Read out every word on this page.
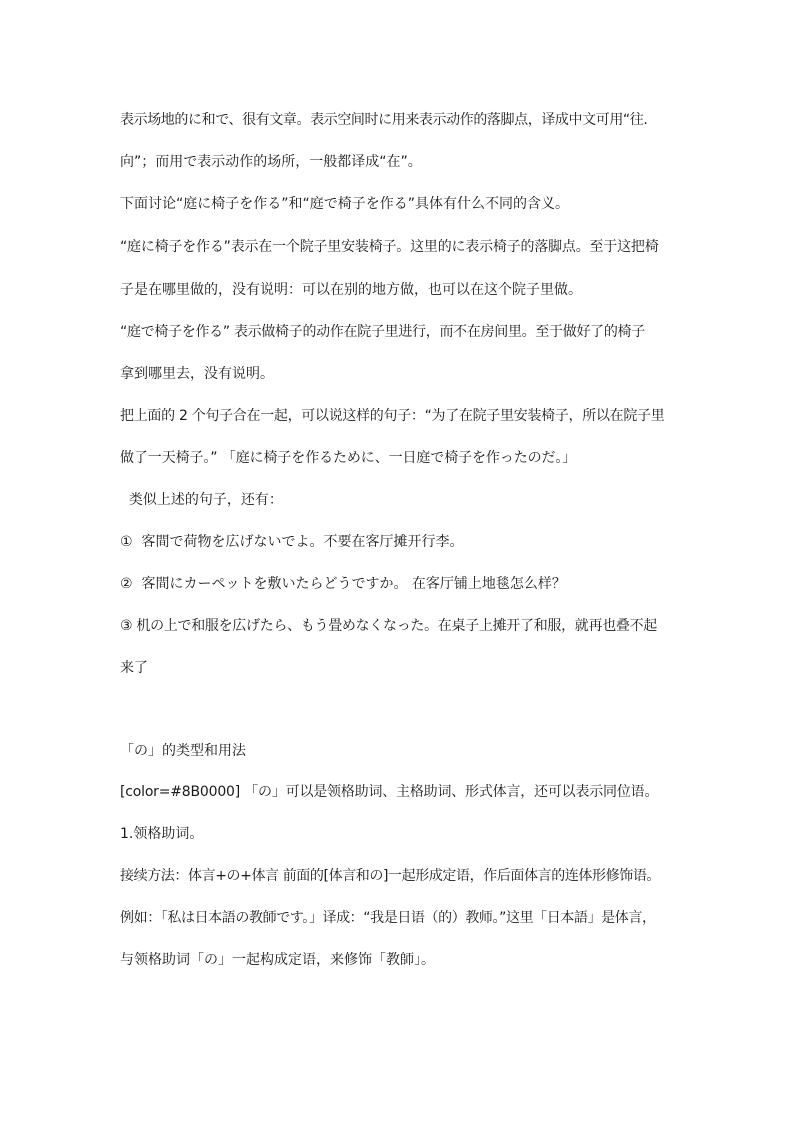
表示场地的に和で、很有文章。表示空间时に用来表示动作的落脚点，译成中文可用“往.
向”；而用で表示动作的场所，一般都译成“在”。
下面讨论“庭に椅子を作る”和“庭で椅子を作る”具体有什么不同的含义。
“庭に椅子を作る”表示在一个院子里安装椅子。这里的に表示椅子的落脚点。至于这把椅
子是在哪里做的，没有说明：可以在别的地方做，也可以在这个院子里做。
“庭で椅子を作る” 表示做椅子的动作在院子里进行，而不在房间里。至于做好了的椅子
拿到哪里去，没有说明。
把上面的 2 个句子合在一起，可以说这样的句子：“为了在院子里安装椅子，所以在院子里
做了一天椅子。” 「庭に椅子を作るために、一日庭で椅子を作ったのだ。」
类似上述的句子，还有：
①  客間で荷物を広げないでよ。不要在客厅摊开行李。
②  客間にカーペットを敷いたらどうですか。 在客厅铺上地毯怎么样？
③ 机の上で和服を広げたら、もう畳めなくなった。在桌子上摊开了和服，就再也叠不起
来了
「の」的类型和用法
[color=#8B0000] 「の」可以是领格助词、主格助词、形式体言，还可以表示同位语。
1.领格助词。
接续方法：体言+の+体言 前面的[体言和の]一起形成定语，作后面体言的连体形修饰语。
例如：「私は日本語の教師です。」译成：“我是日语（的）教师。”这里「日本語」是体言，
与领格助词「の」一起构成定语，来修饰「教師」。
